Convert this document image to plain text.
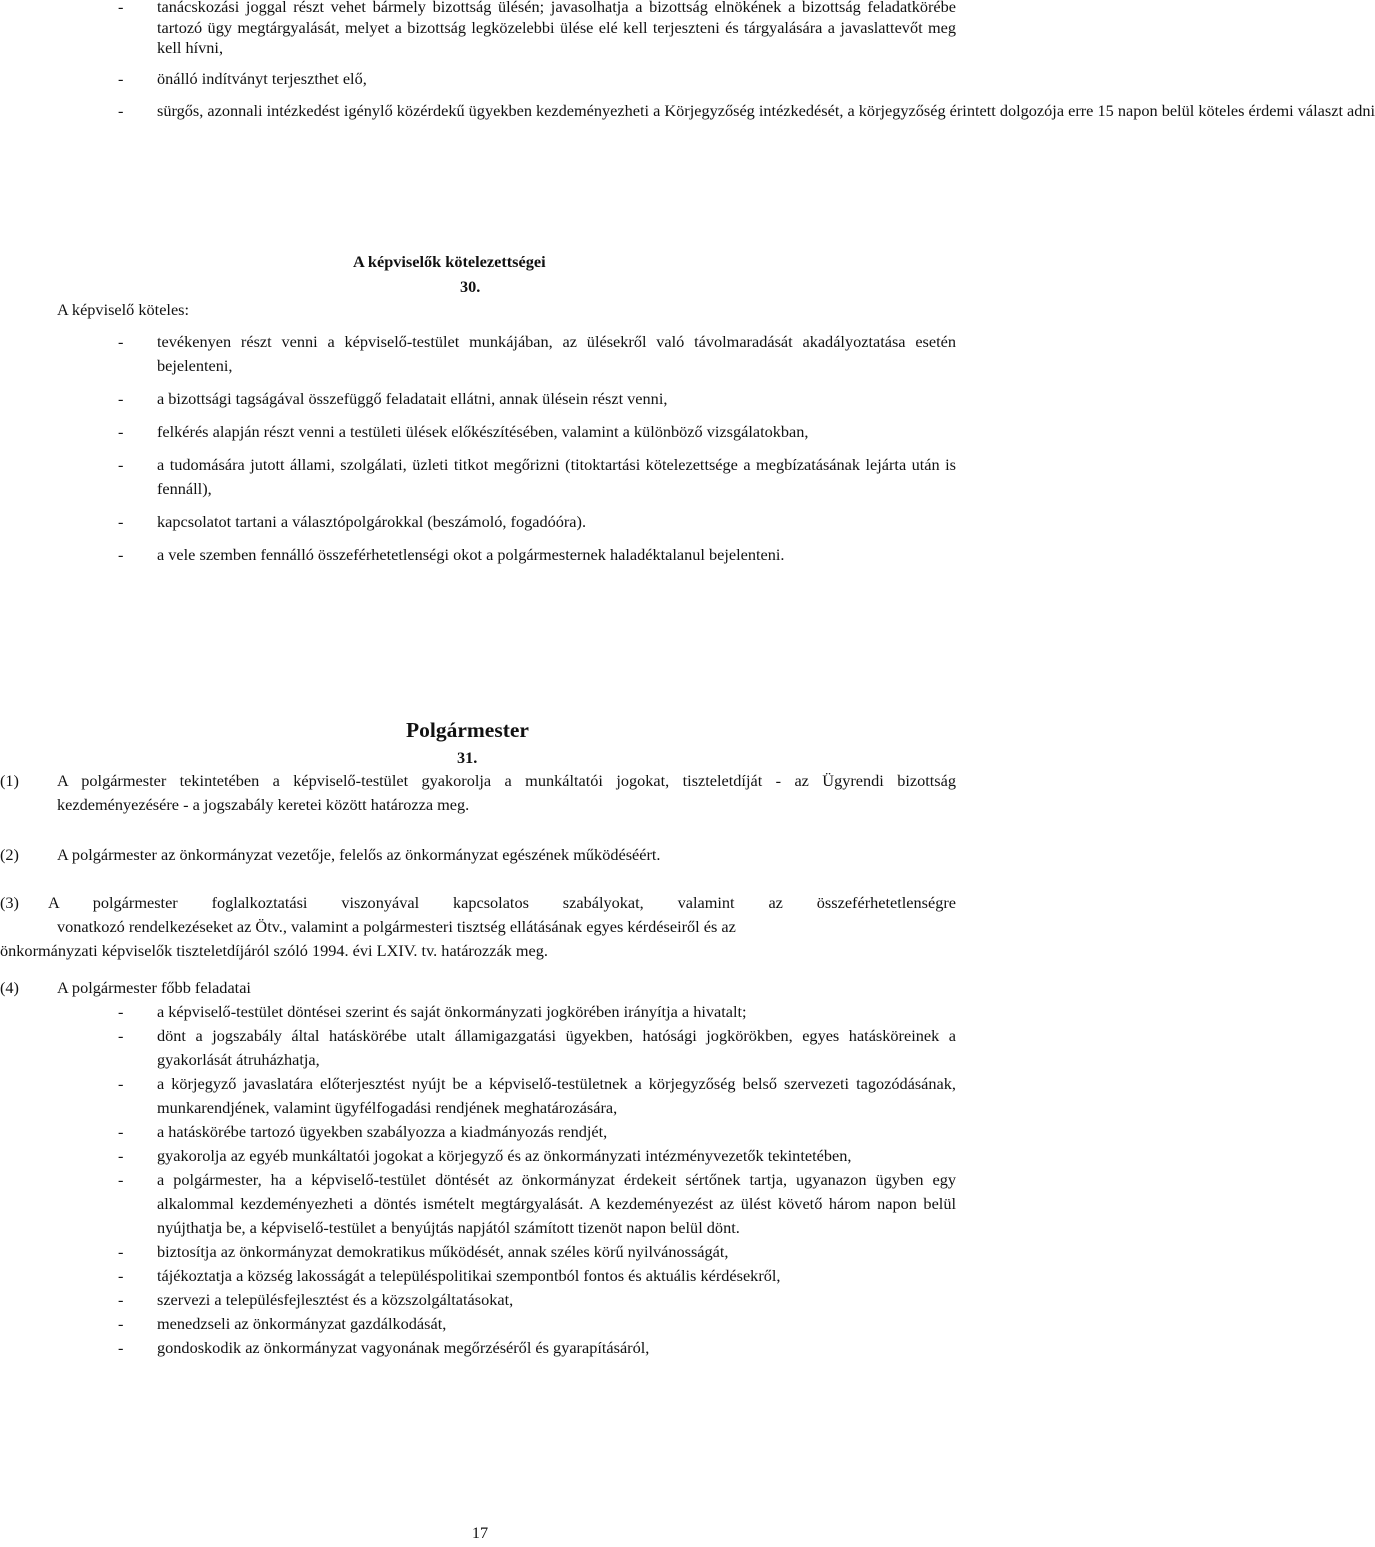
- tanácskozási joggal részt vehet bármely bizottság ülésén; javasolhatja a bizottság elnökének a bizottság feladatkörébe tartozó ügy megtárgyalását, melyet a bizottság legközelebbi ülése elé kell terjeszteni és tárgyalására a javaslattevőt meg kell hívni,
- önálló indítványt terjeszthet elő,
- sürgős, azonnali intézkedést igénylő közérdekű ügyekben kezdeményezheti a Körjegyzőség intézkedését, a körjegyzőség érintett dolgozója erre 15 napon belül köteles érdemi választ adni
A képviselők kötelezettségei
30.
A képviselő köteles:
- tevékenyen részt venni a képviselő-testület munkájában, az ülésekről való távolmaradását akadályoztatása esetén bejelenteni,
- a bizottsági tagságával összefüggő feladatait ellátni, annak ülésein részt venni,
- felkérés alapján részt venni a testületi ülések előkészítésében, valamint a különböző vizsgálatokban,
- a tudomására jutott állami, szolgálati, üzleti titkot megőrizni (titoktartási kötelezettsége a megbízatásának lejárta után is fennáll),
- kapcsolatot tartani a választópolgárokkal (beszámoló, fogadóóra).
- a vele szemben fennálló összeférhetetlenségi okot a polgármesternek haladéktalanul bejelenteni.
Polgármester
31.
(1) A polgármester tekintetében a képviselő-testület gyakorolja a munkáltatói jogokat, tiszteletdíját - az Ügyrendi bizottság kezdeményezésére - a jogszabály keretei között határozza meg.
(2) A polgármester az önkormányzat vezetője, felelős az önkormányzat egészének működéséért.
(3) A polgármester foglalkoztatási viszonyával kapcsolatos szabályokat, valamint az összeférhetetlenségre
vonatkozó rendelkezéseket az Ötv., valamint a polgármesteri tisztség ellátásának egyes kérdéseiről és az
önkormányzati képviselők tiszteletdíjáról szóló 1994. évi LXIV. tv. határozzák meg.
(4) A polgármester főbb feladatai
- a képviselő-testület döntései szerint és saját önkormányzati jogkörében irányítja a hivatalt;
- dönt a jogszabály által hatáskörébe utalt államigazgatási ügyekben, hatósági jogkörökben, egyes hatásköreinek a gyakorlását átruházhatja,
- a körjegyző javaslatára előterjesztést nyújt be a képviselő-testületnek a körjegyzőség belső szervezeti tagozódásának, munkarendjének, valamint ügyfélfogadási rendjének meghatározására,
- a hatáskörébe tartozó ügyekben szabályozza a kiadmányozás rendjét,
- gyakorolja az egyéb munkáltatói jogokat a körjegyző és az önkormányzati intézményvezetők tekintetében,
- a polgármester, ha a képviselő-testület döntését az önkormányzat érdekeit sértőnek tartja, ugyanazon ügyben egy alkalommal kezdeményezheti a döntés ismételt megtárgyalását. A kezdeményezést az ülést követő három napon belül nyújthatja be, a képviselő-testület a benyújtás napjától számított tizenöt napon belül dönt.
- biztosítja az önkormányzat demokratikus működését, annak széles körű nyilvánosságát,
- tájékoztatja a község lakosságát a településpolitikai szempontból fontos és aktuális kérdésekről,
- szervezi a településfejlesztést és a közszolgáltatásokat,
- menedzseli az önkormányzat gazdálkodását,
- gondoskodik az önkormányzat vagyonának megőrzéséről és gyarapításáról,
17
